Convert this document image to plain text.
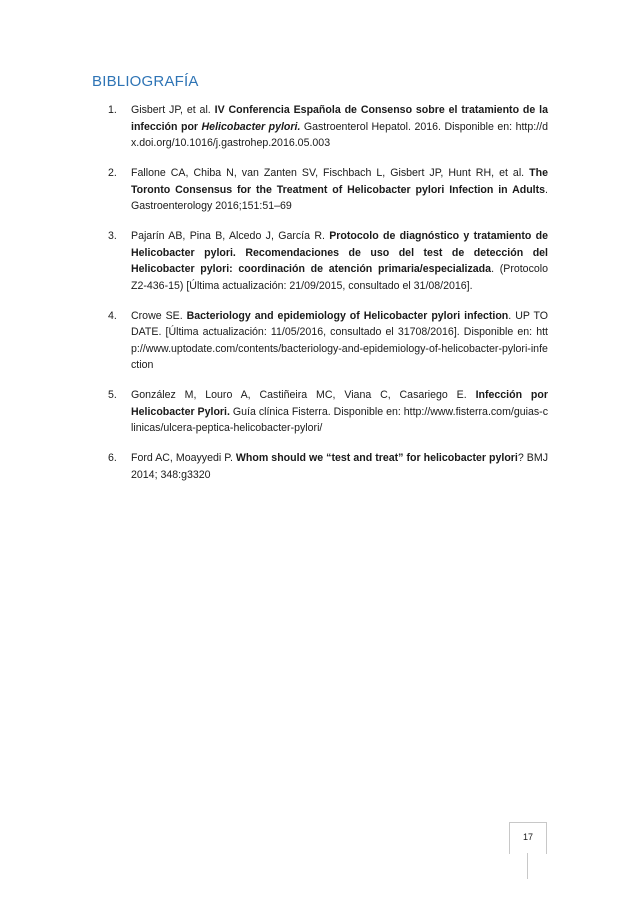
BIBLIOGRAFÍA
1. Gisbert JP, et al. IV Conferencia Española de Consenso sobre el tratamiento de la infección por Helicobacter pylori. Gastroenterol Hepatol. 2016. Disponible en: http://dx.doi.org/10.1016/j.gastrohep.2016.05.003
2. Fallone CA, Chiba N, van Zanten SV, Fischbach L, Gisbert JP, Hunt RH, et al. The Toronto Consensus for the Treatment of Helicobacter pylori Infection in Adults. Gastroenterology 2016;151:51–69
3. Pajarín AB, Pina B, Alcedo J, García R. Protocolo de diagnóstico y tratamiento de Helicobacter pylori. Recomendaciones de uso del test de detección del Helicobacter pylori: coordinación de atención primaria/especializada. (Protocolo Z2-436-15) [Última actualización: 21/09/2015, consultado el 31/08/2016].
4. Crowe SE. Bacteriology and epidemiology of Helicobacter pylori infection. UP TO DATE. [Última actualización: 11/05/2016, consultado el 31708/2016]. Disponible en: http://www.uptodate.com/contents/bacteriology-and-epidemiology-of-helicobacter-pylori-infection
5. González M, Louro A, Castiñeira MC, Viana C, Casariego E. Infección por Helicobacter Pylori. Guía clínica Fisterra. Disponible en: http://www.fisterra.com/guias-clinicas/ulcera-peptica-helicobacter-pylori/
6. Ford AC, Moayyedi P. Whom should we “test and treat” for helicobacter pylori? BMJ 2014; 348:g3320
17
